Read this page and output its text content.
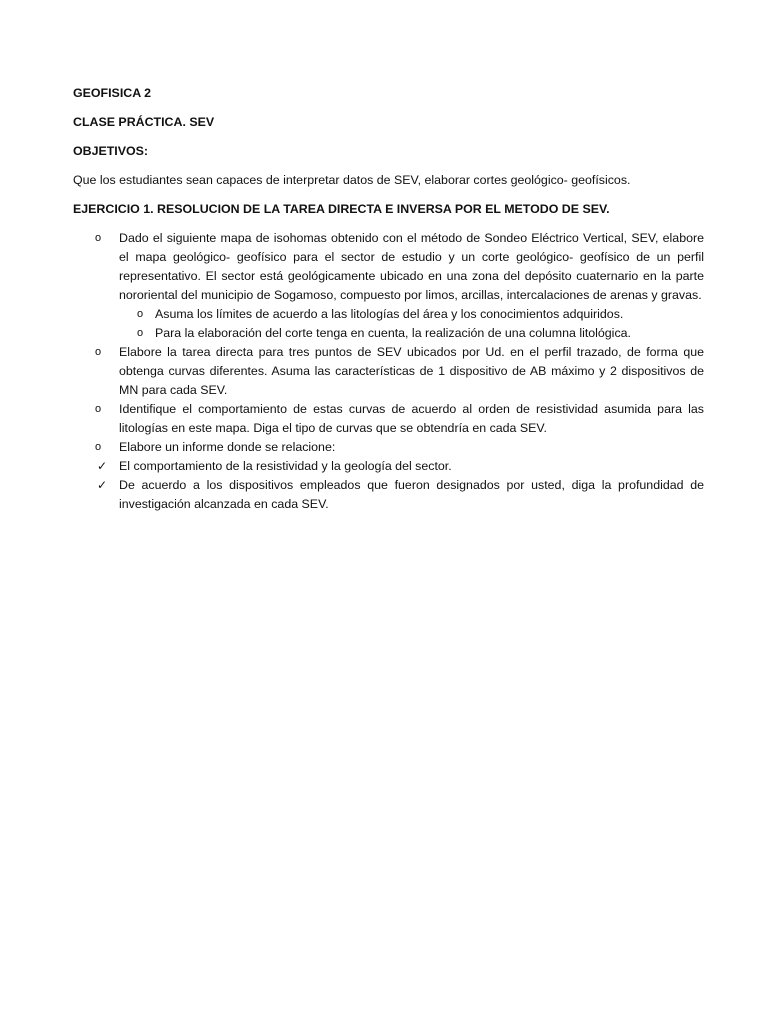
GEOFISICA 2
CLASE PRÁCTICA. SEV
OBJETIVOS:
Que los estudiantes sean capaces de interpretar datos de SEV, elaborar cortes geológico- geofísicos.
EJERCICIO 1. RESOLUCION DE LA TAREA DIRECTA E INVERSA POR EL METODO DE SEV.
o	Dado el siguiente mapa de isohomas obtenido con el método de Sondeo Eléctrico Vertical, SEV, elabore el mapa geológico- geofísico para el sector de estudio y un corte geológico- geofísico de un perfil representativo. El sector está geológicamente ubicado en una zona del depósito cuaternario en la parte nororiental del municipio de Sogamoso, compuesto por limos, arcillas, intercalaciones de arenas y gravas.
o Asuma los límites de acuerdo a las litologías del área y los conocimientos adquiridos.
o Para la elaboración del corte tenga en cuenta, la realización de una columna litológica.
o	Elabore la tarea directa para tres puntos de SEV ubicados por Ud. en el perfil trazado, de forma que obtenga curvas diferentes. Asuma las características de 1 dispositivo de AB máximo y 2 dispositivos de MN para cada SEV.
o	Identifique el comportamiento de estas curvas de acuerdo al orden de resistividad asumida para las litologías en este mapa. Diga el tipo de curvas que se obtendría en cada SEV.
o	Elabore un informe donde se relacione:
✓ El comportamiento de la resistividad y la geología del sector.
✓ De acuerdo a los dispositivos empleados que fueron designados por usted, diga la profundidad de investigación alcanzada en cada SEV.
